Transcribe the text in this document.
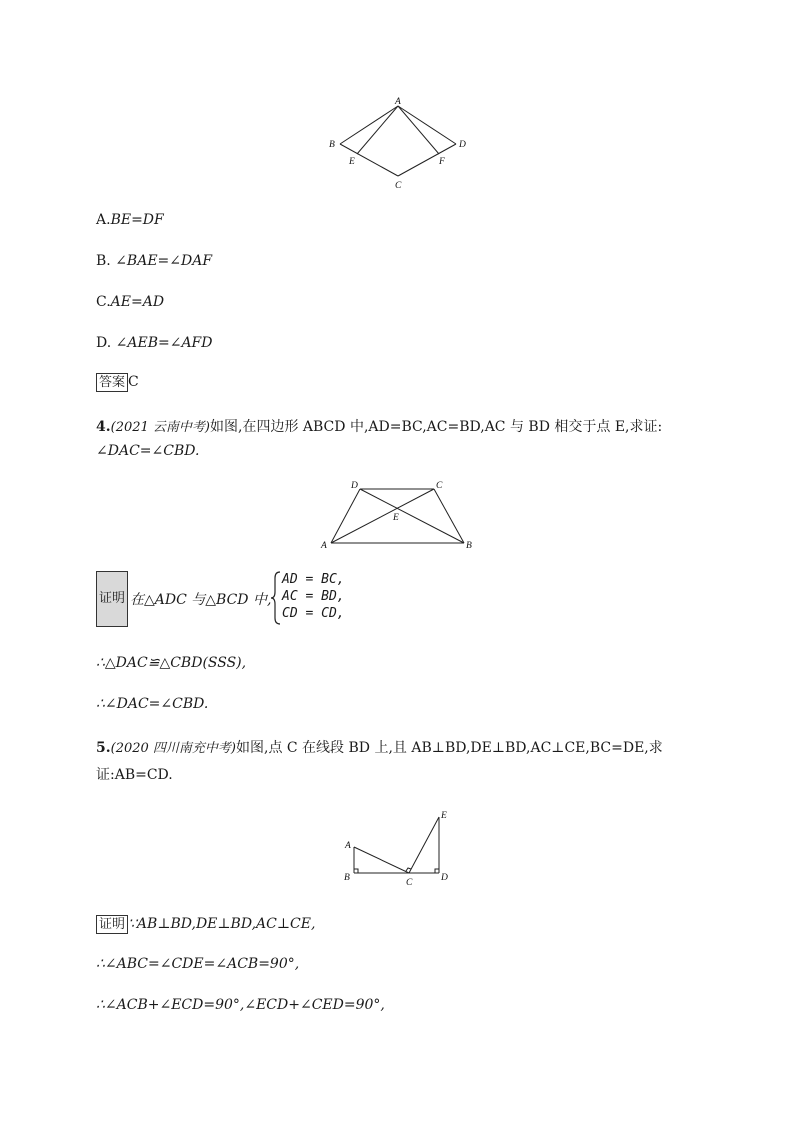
A
B
C
D
E	F
A.BE=DF
B. ∠BAE=∠DAF
C.AE=AD
D. ∠AEB=∠AFD
答案 C
4.(2021 云南中考)如图,在四边形 ABCD 中,AD=BC,AC=BD,AC 与 BD 相交于点 E,求证:
∠DAC=∠CBD.
A	B
C
D
E
证明 在△ADC 与△BCD 中,
AD = BC,
AC = BD,
CD = CD,
∴△DAC≌△CBD(SSS),
∴∠DAC=∠CBD.
5.(2020 四川南充中考)如图,点 C 在线段 BD 上,且 AB⊥BD,DE⊥BD,AC⊥CE,BC=DE,求
证:AB=CD.
A
B	C	D
E
证明 ∵AB⊥BD,DE⊥BD,AC⊥CE,
∴∠ABC=∠CDE=∠ACB=90°,
∴∠ACB+∠ECD=90°,∠ECD+∠CED=90°,
